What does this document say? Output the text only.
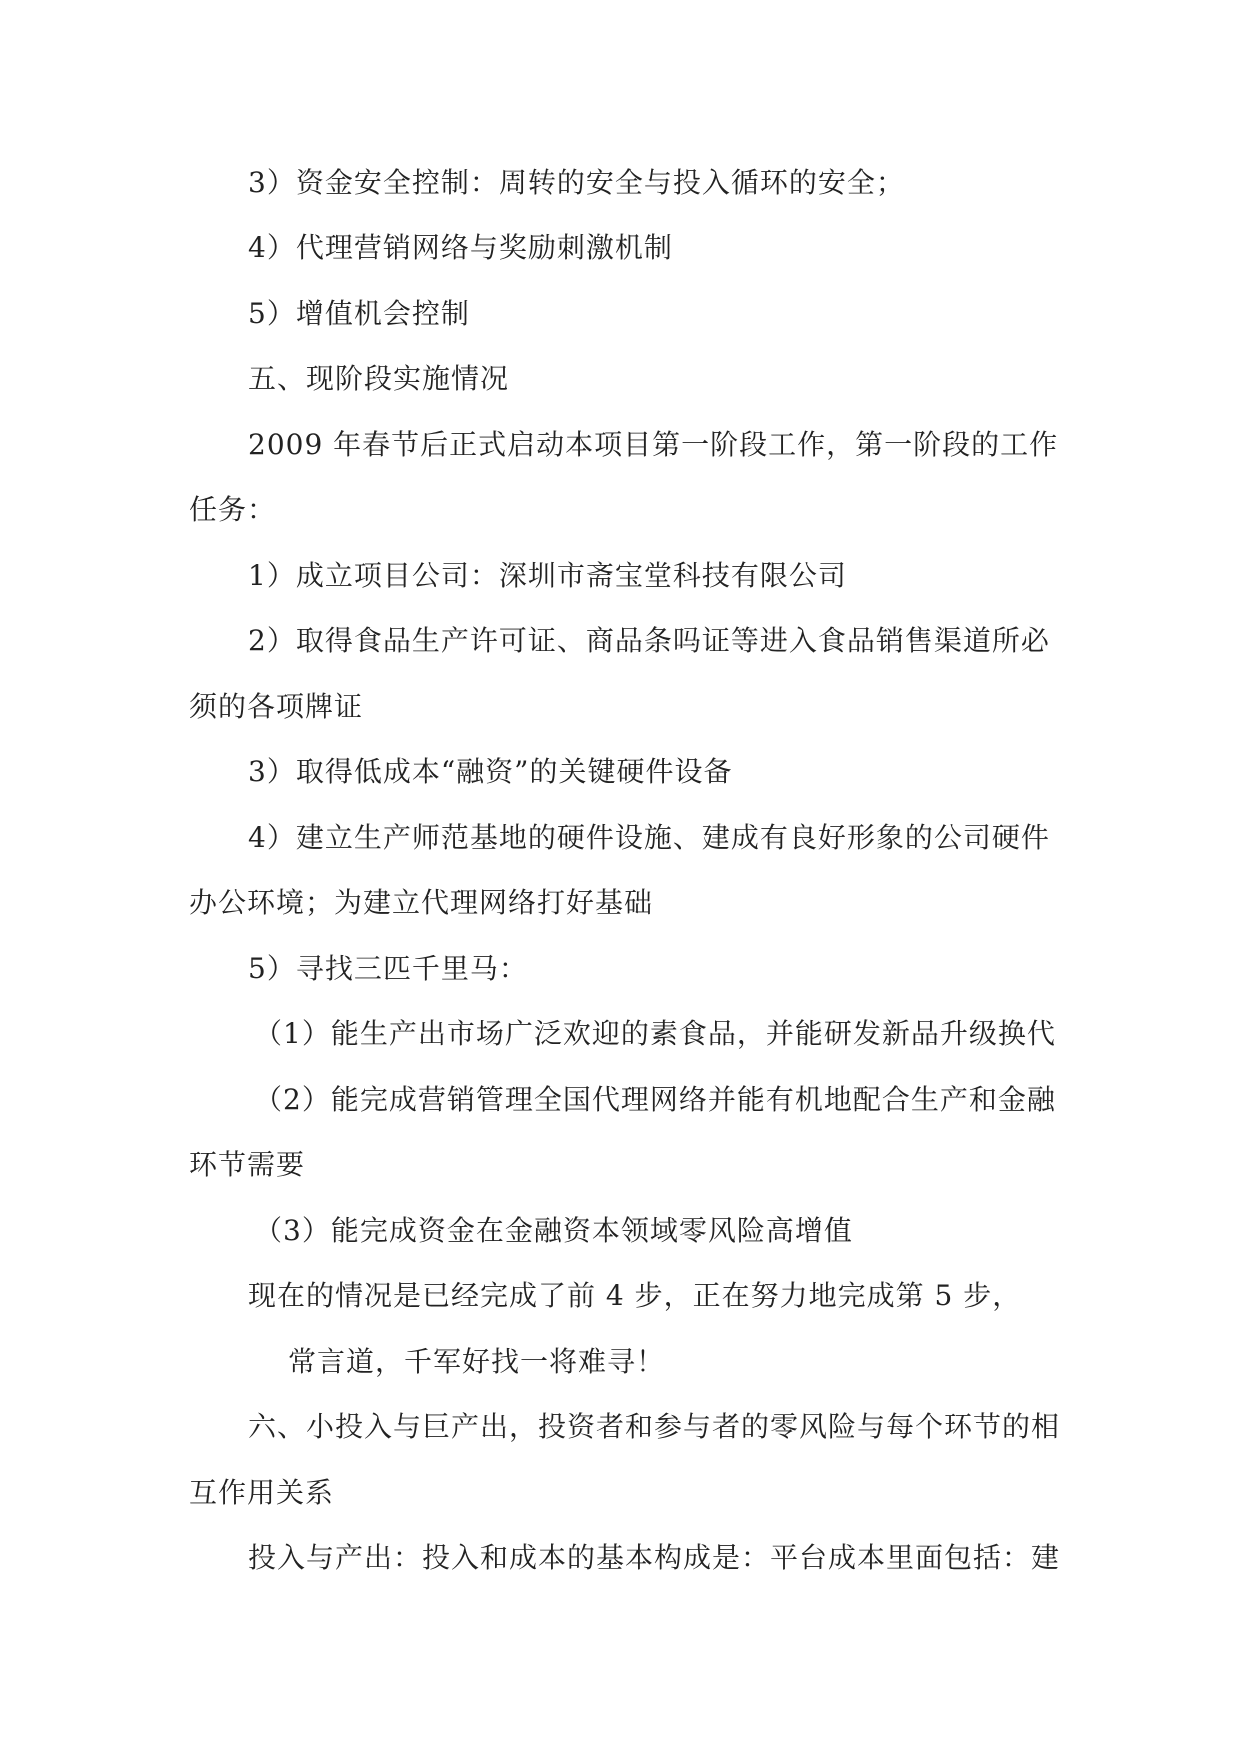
3）资金安全控制：周转的安全与投入循环的安全；
4）代理营销网络与奖励刺激机制
5）增值机会控制
五、现阶段实施情况
2009 年春节后正式启动本项目第一阶段工作，第一阶段的工作
任务：
1）成立项目公司：深圳市斋宝堂科技有限公司
2）取得食品生产许可证、商品条吗证等进入食品销售渠道所必
须的各项牌证
3）取得低成本“融资”的关键硬件设备
4）建立生产师范基地的硬件设施、建成有良好形象的公司硬件
办公环境；为建立代理网络打好基础
5）寻找三匹千里马：
（1）能生产出市场广泛欢迎的素食品，并能研发新品升级换代
（2）能完成营销管理全国代理网络并能有机地配合生产和金融
环节需要
（3）能完成资金在金融资本领域零风险高增值
现在的情况是已经完成了前 4 步，正在努力地完成第 5 步，
常言道，千军好找一将难寻！
六、小投入与巨产出，投资者和参与者的零风险与每个环节的相
互作用关系
投入与产出：投入和成本的基本构成是：平台成本里面包括：建
